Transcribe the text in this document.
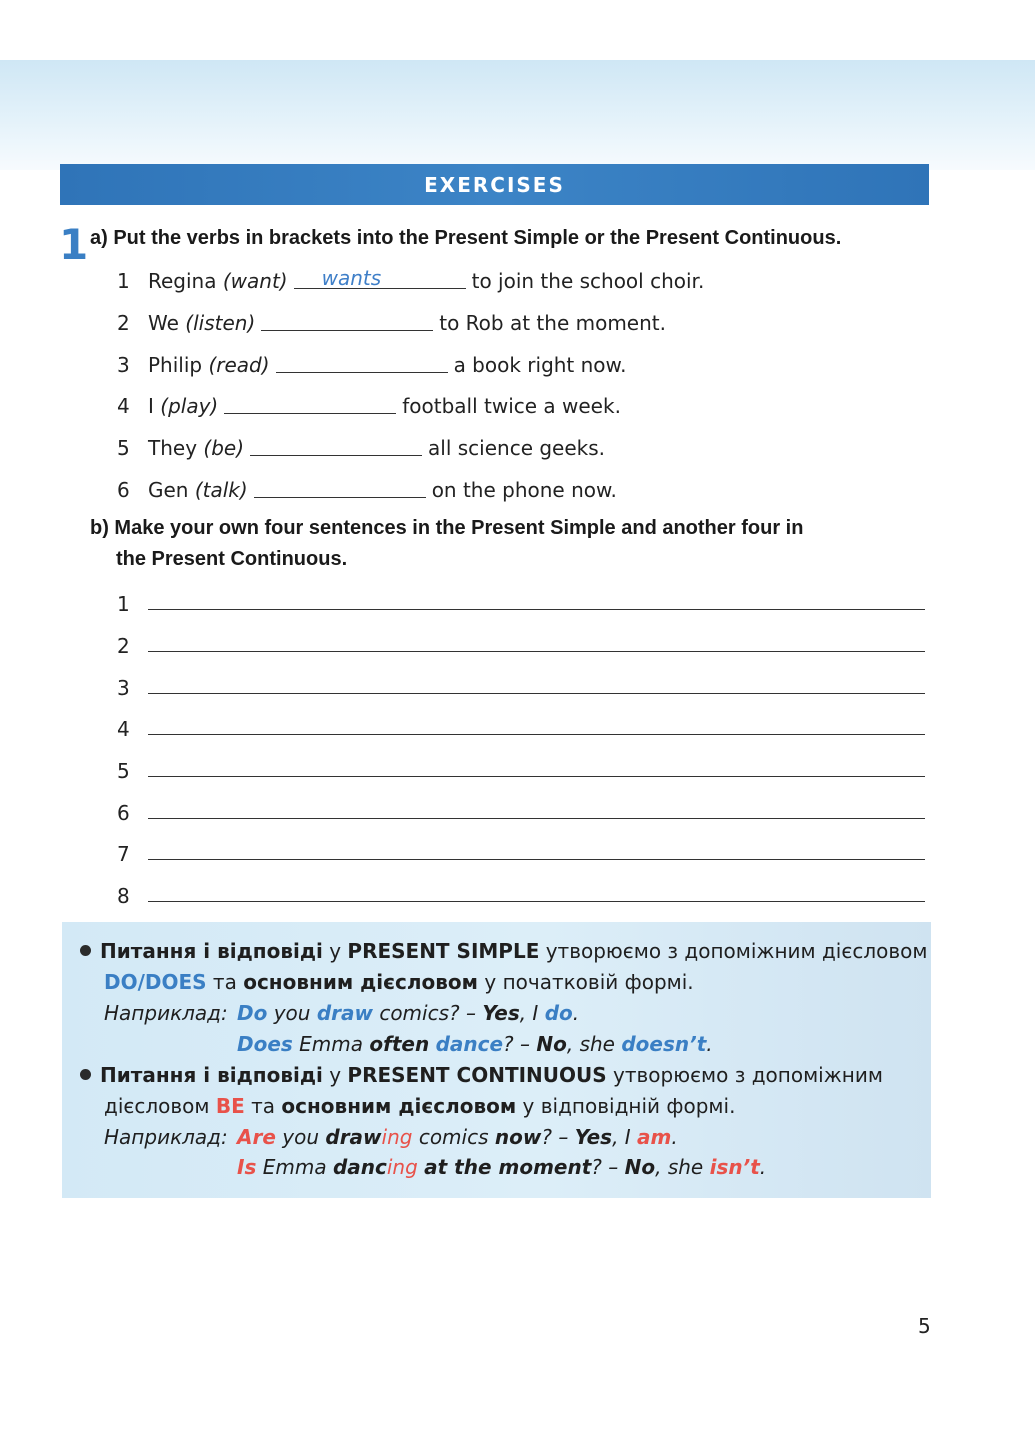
EXERCISES
1 a) Put the verbs in brackets into the Present Simple or the Present Continuous.
1 Regina
(want) wants	to join the school choir.
2 We
(listen)	to Rob at the moment.
3 Philip
(read)	a book right now.
4 I
(play)	football twice a week.
5 They
(be)	all science geeks.
6 Gen
(talk)	on the phone now.
b) Make your own four sentences in the Present Simple and another four in
the Present Continuous.
1
2
3
4
5
6
7
8
Питання і відповіді у PRESENT SIMPLE утворюємо з допоміжним дієсловом
DO/DOES та основним дієсловом у початковій формі.
Наприклад: Do you draw comics? – Yes, I do.
Does Emma often dance? – No, she doesn’t.
Питання і відповіді у PRESENT CONTINUOUS утворюємо з допоміжним
дієсловом BE та основним дієсловом у відповідній формі.
Наприклад: Are you drawing comics now? – Yes, I am.
Is Emma dancing at the moment? – No, she isn’t.
5
